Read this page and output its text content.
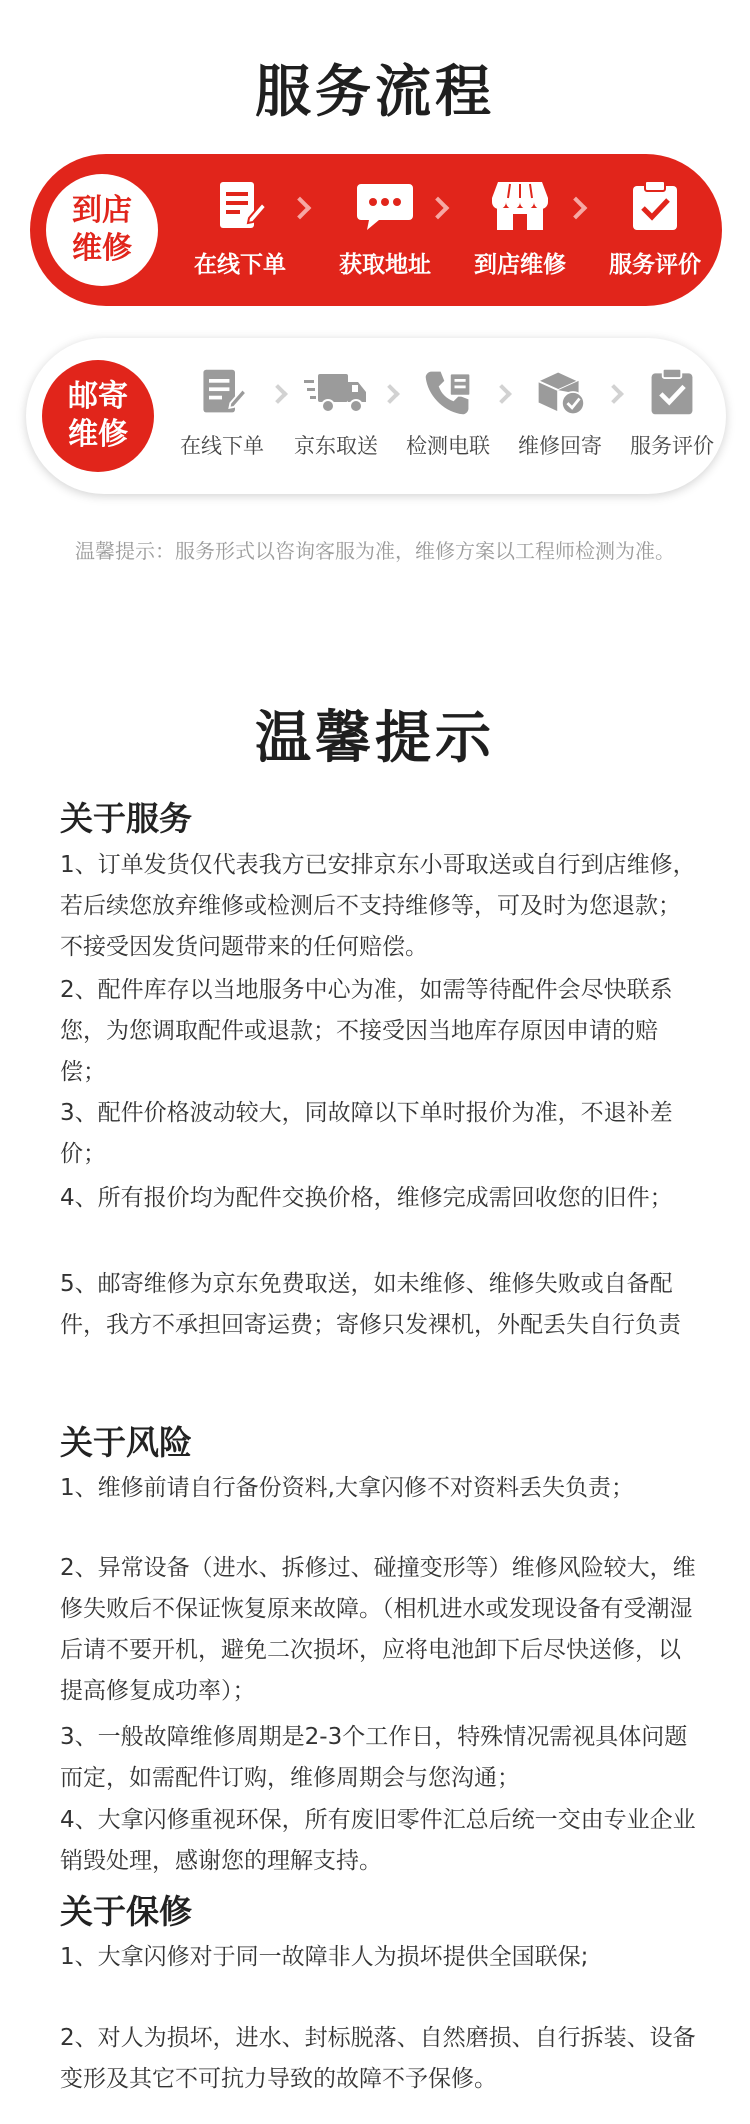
服务流程
到店
维修	在线下单	获取地址	到店维修	服务评价
邮寄
维修	在线下单	京东取送	检测电联	维修回寄	服务评价
温馨提示：服务形式以咨询客服为准，维修方案以工程师检测为准。
温馨提示
关于服务
1、订单发货仅代表我方已安排京东小哥取送或自行到店维修，若后续您放弃维修或检测后不支持维修等，可及时为您退款；不接受因发货问题带来的任何赔偿。
2、配件库存以当地服务中心为准，如需等待配件会尽快联系您，为您调取配件或退款；不接受因当地库存原因申请的赔偿；
3、配件价格波动较大，同故障以下单时报价为准，不退补差价；
4、所有报价均为配件交换价格，维修完成需回收您的旧件；
5、邮寄维修为京东免费取送，如未维修、维修失败或自备配件，我方不承担回寄运费；寄修只发裸机，外配丢失自行负责
关于风险
1、维修前请自行备份资料,大拿闪修不对资料丢失负责；
2、异常设备（进水、拆修过、碰撞变形等）维修风险较大，维修失败后不保证恢复原来故障。（相机进水或发现设备有受潮湿后请不要开机，避免二次损坏，应将电池卸下后尽快送修，以提高修复成功率）；
3、一般故障维修周期是2-3个工作日，特殊情况需视具体问题而定，如需配件订购，维修周期会与您沟通；
4、大拿闪修重视环保，所有废旧零件汇总后统一交由专业企业销毁处理，感谢您的理解支持。
关于保修
1、大拿闪修对于同一故障非人为损坏提供全国联保;
2、对人为损坏，进水、封标脱落、自然磨损、自行拆装、设备变形及其它不可抗力导致的故障不予保修。
